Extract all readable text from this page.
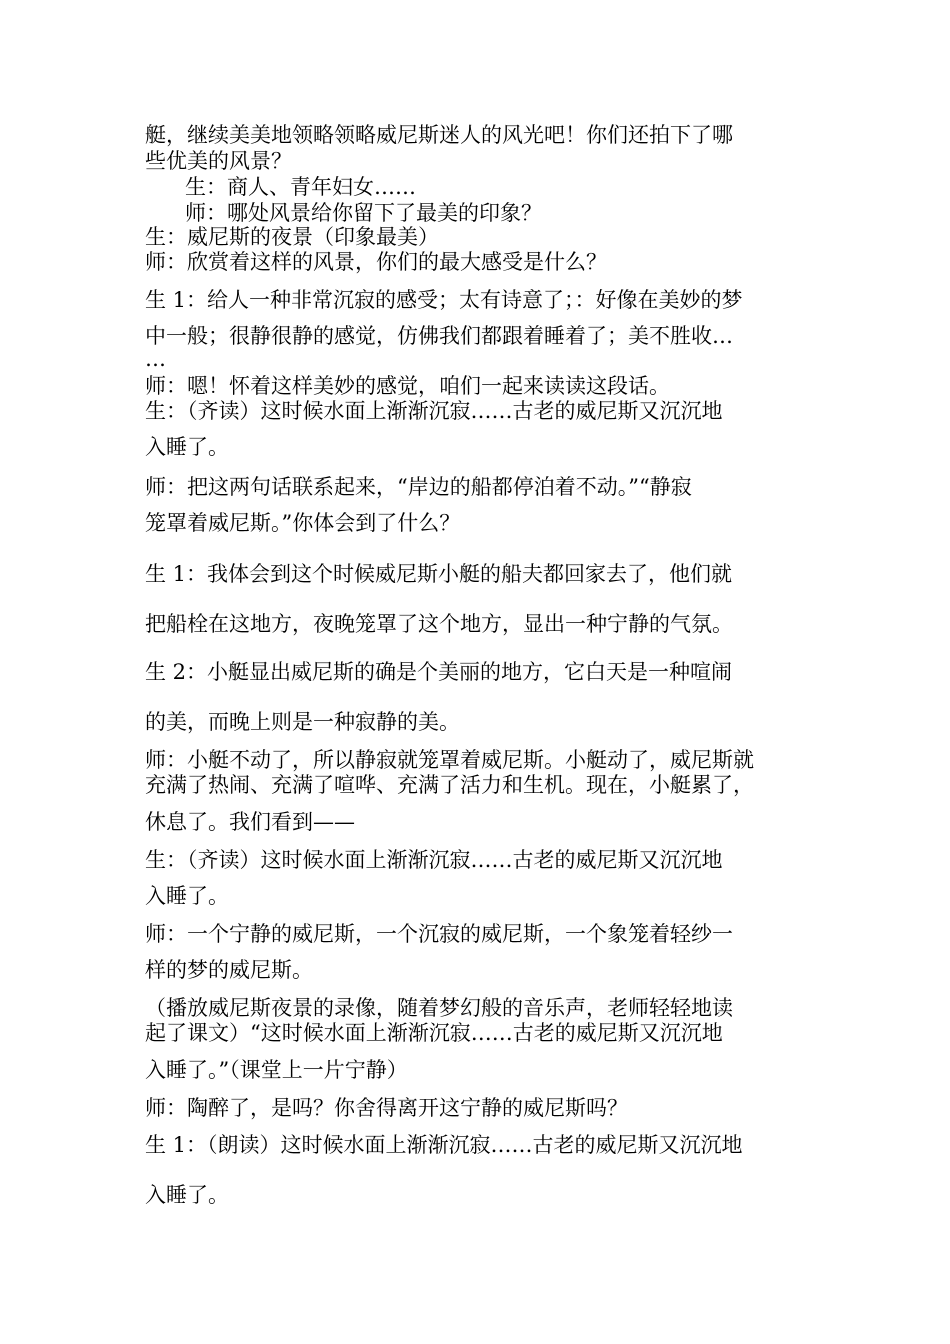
艇，继续美美地领略领略威尼斯迷人的风光吧！你们还拍下了哪
些优美的风景？
生：商人、青年妇女……
师：哪处风景给你留下了最美的印象？
生：威尼斯的夜景（印象最美）
师：欣赏着这样的风景，你们的最大感受是什么？
生 1：给人一种非常沉寂的感受；太有诗意了；：好像在美妙的梦
中一般；很静很静的感觉，仿佛我们都跟着睡着了；美不胜收…
…
师：嗯！怀着这样美妙的感觉，咱们一起来读读这段话。
生：（齐读）这时候水面上渐渐沉寂……古老的威尼斯又沉沉地
入睡了。
师：把这两句话联系起来，“岸边的船都停泊着不动。”“静寂
笼罩着威尼斯。”你体会到了什么？
生 1：我体会到这个时候威尼斯小艇的船夫都回家去了，他们就
把船栓在这地方，夜晚笼罩了这个地方，显出一种宁静的气氛。
生 2：小艇显出威尼斯的确是个美丽的地方，它白天是一种喧闹
的美，而晚上则是一种寂静的美。
师：小艇不动了，所以静寂就笼罩着威尼斯。小艇动了，威尼斯就
充满了热闹、充满了喧哗、充满了活力和生机。现在，小艇累了，
休息了。我们看到——
生：（齐读）这时候水面上渐渐沉寂……古老的威尼斯又沉沉地
入睡了。
师：一个宁静的威尼斯，一个沉寂的威尼斯，一个象笼着轻纱一
样的梦的威尼斯。
（播放威尼斯夜景的录像，随着梦幻般的音乐声，老师轻轻地读
起了课文）“这时候水面上渐渐沉寂……古老的威尼斯又沉沉地
入睡了。”（课堂上一片宁静）
师：陶醉了，是吗？你舍得离开这宁静的威尼斯吗？
生 1：（朗读）这时候水面上渐渐沉寂……古老的威尼斯又沉沉地
入睡了。
